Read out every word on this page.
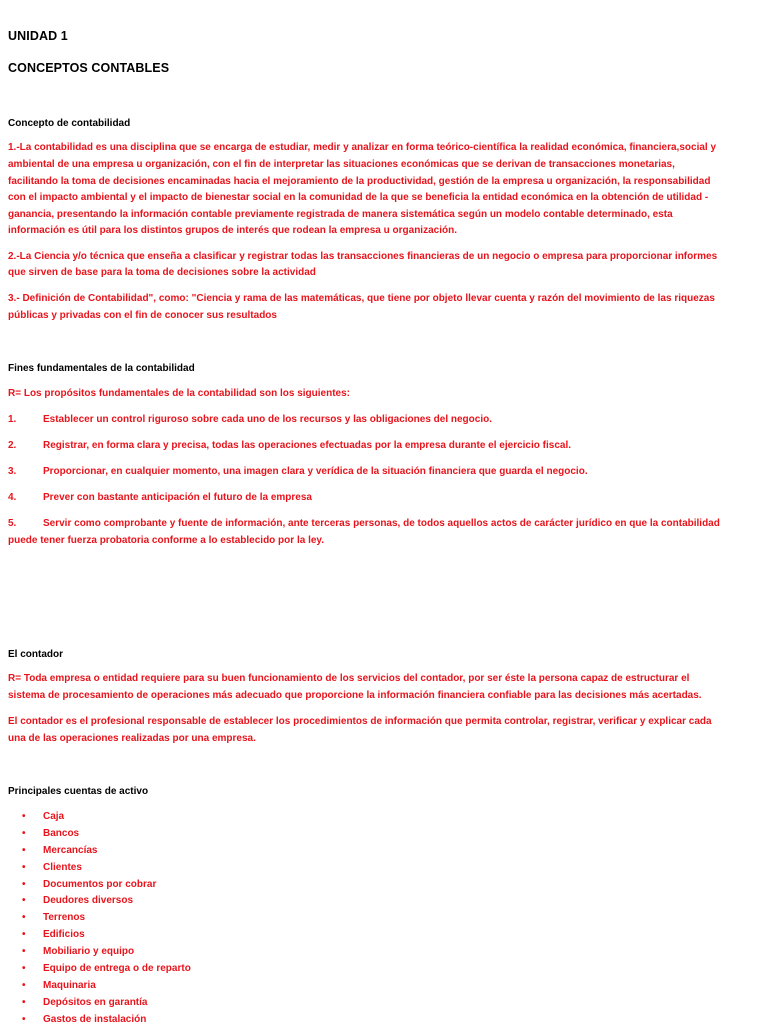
UNIDAD 1
CONCEPTOS CONTABLES
Concepto de contabilidad
1.-La contabilidad es una disciplina que se encarga de estudiar, medir y analizar en forma teórico-científica la realidad económica, financiera,social y
ambiental de una empresa u organización, con el fin de interpretar las situaciones económicas que se derivan de transacciones monetarias,
facilitando la toma de decisiones encaminadas hacia el mejoramiento de la productividad, gestión de la empresa u organización, la responsabilidad
con el impacto ambiental y el impacto de bienestar social en la comunidad de la que se beneficia la entidad económica en la obtención de utilidad -
ganancia, presentando la información contable previamente registrada de manera sistemática según un modelo contable determinado, esta
información es útil para los distintos grupos de interés que rodean la empresa u organización.
2.-La Ciencia y/o técnica que enseña a clasificar y registrar todas las transacciones financieras de un negocio o empresa para proporcionar informes
que sirven de base para la toma de decisiones sobre la actividad
3.- Definición de Contabilidad", como: "Ciencia y rama de las matemáticas, que tiene por objeto llevar cuenta y razón del movimiento de las riquezas
públicas y privadas con el fin de conocer sus resultados
Fines fundamentales de la contabilidad
R= Los propósitos fundamentales de la contabilidad son los siguientes:
1.	Establecer un control riguroso sobre cada uno de los recursos y las obligaciones del negocio.
2.	Registrar, en forma clara y precisa, todas las operaciones efectuadas por la empresa durante el ejercicio fiscal.
3.	Proporcionar, en cualquier momento, una imagen clara y verídica de la situación financiera que guarda el negocio.
4.	Prever con bastante anticipación el futuro de la empresa
5.	Servir como comprobante y fuente de información, ante terceras personas, de todos aquellos actos de carácter jurídico en que la contabilidad
puede tener fuerza probatoria conforme a lo establecido por la ley.
El contador
R= Toda empresa o entidad requiere para su buen funcionamiento de los servicios del contador, por ser éste la persona capaz de estructurar el
sistema de procesamiento de operaciones más adecuado que proporcione la información financiera confiable para las decisiones más acertadas.
El contador es el profesional responsable de establecer los procedimientos de información que permita controlar, registrar, verificar y explicar cada
una de las operaciones realizadas por una empresa.
Principales cuentas de activo
•	Caja
•	Bancos
•	Mercancías
•	Clientes
•	Documentos por cobrar
•	Deudores diversos
•	Terrenos
•	Edificios
•	Mobiliario y equipo
•	Equipo de entrega o de reparto
•	Maquinaria
•	Depósitos en garantía
•	Gastos de instalación
